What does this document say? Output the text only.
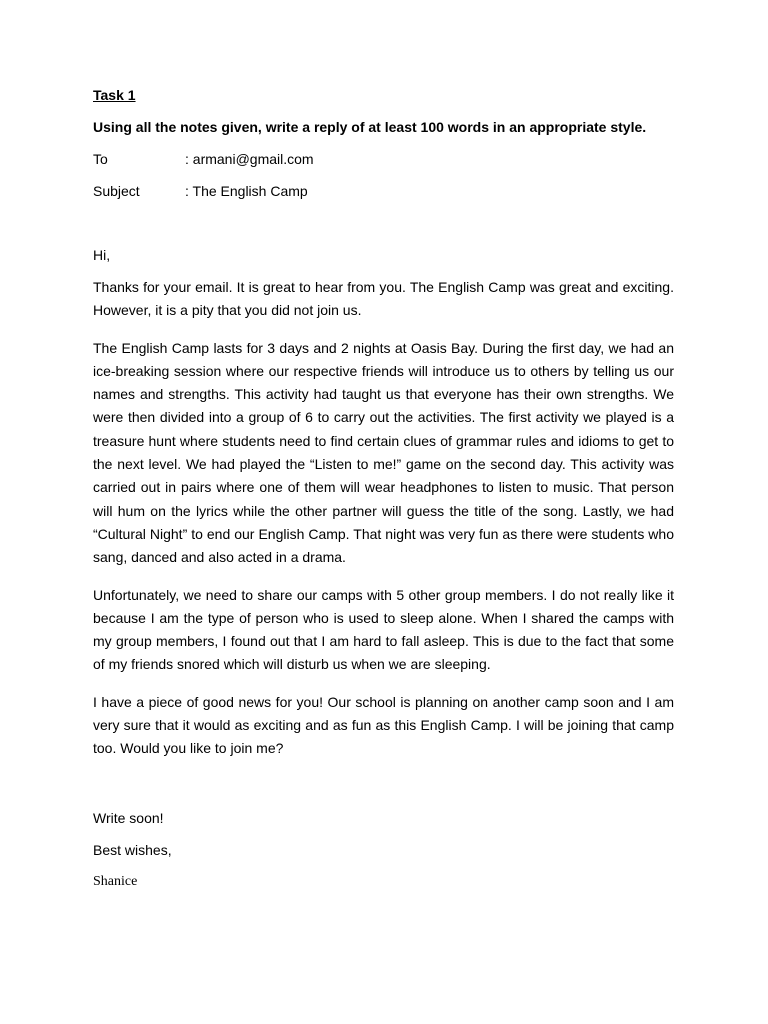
Task 1

Using all the notes given, write a reply of at least 100 words in an appropriate style.

To	: armani@gmail.com
Subject	: The English Camp

Hi,

Thanks for your email. It is great to hear from you. The English Camp was great and exciting. However, it is a pity that you did not join us.

The English Camp lasts for 3 days and 2 nights at Oasis Bay. During the first day, we had an ice-breaking session where our respective friends will introduce us to others by telling us our names and strengths. This activity had taught us that everyone has their own strengths. We were then divided into a group of 6 to carry out the activities. The first activity we played is a treasure hunt where students need to find certain clues of grammar rules and idioms to get to the next level. We had played the “Listen to me!” game on the second day. This activity was carried out in pairs where one of them will wear headphones to listen to music. That person will hum on the lyrics while the other partner will guess the title of the song. Lastly, we had “Cultural Night” to end our English Camp. That night was very fun as there were students who sang, danced and also acted in a drama.

Unfortunately, we need to share our camps with 5 other group members. I do not really like it because I am the type of person who is used to sleep alone. When I shared the camps with my group members, I found out that I am hard to fall asleep. This is due to the fact that some of my friends snored which will disturb us when we are sleeping.

I have a piece of good news for you! Our school is planning on another camp soon and I am very sure that it would as exciting and as fun as this English Camp. I will be joining that camp too. Would you like to join me?

Write soon!

Best wishes,

Shanice
